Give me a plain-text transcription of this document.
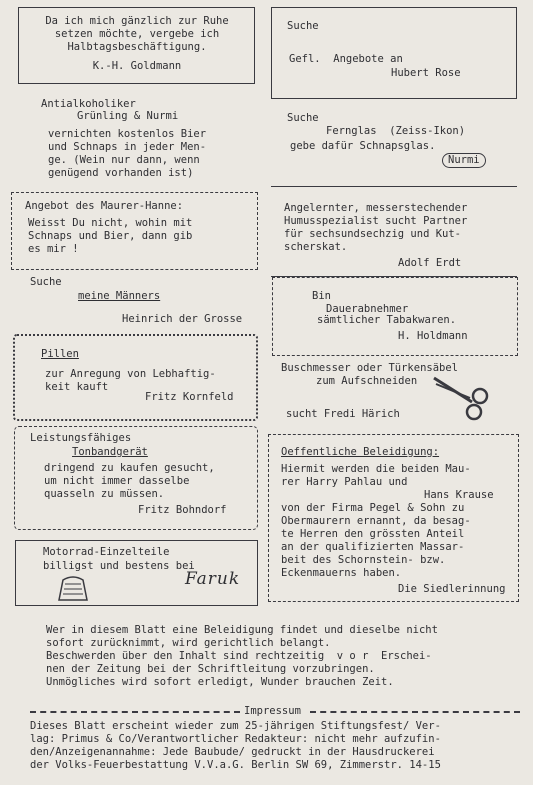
Da ich mich gänzlich zur Ruhe
setzen möchte, vergebe ich
Halbtagsbeschäftigung.
K.-H. Goldmann
Suche
Gefl.  Angebote an
Hubert Rose
Antialkoholiker
Grünling & Nurmi
vernichten kostenlos Bier
und Schnaps in jeder Men-
ge. (Wein nur dann, wenn
genügend vorhanden ist)
Suche
Fernglas  (Zeiss-Ikon)
gebe dafür Schnapsglas.
Nurmi
Angebot des Maurer-Hanne:
Weisst Du nicht, wohin mit
Schnaps und Bier, dann gib
es mir !
Angelernter, messerstechender
Humusspezialist sucht Partner
für sechsundsechzig und Kut-
scherskat.
Adolf Erdt
Suche
meine Männers
Heinrich der Grosse
Bin
Dauerabnehmer
sämtlicher Tabakwaren.
H. Holdmann
Pillen
zur Anregung von Lebhaftig-
keit kauft
Fritz Kornfeld
Buschmesser oder Türkensäbel
zum Aufschneiden
sucht Fredi Härich
Leistungsfähiges
Tonbandgerät
dringend zu kaufen gesucht,
um nicht immer dasselbe
quasseln zu müssen.
Fritz Bohndorf
Oeffentliche Beleidigung:
Hiermit werden die beiden Mau-
rer Harry Pahlau und
Hans Krause
von der Firma Pegel & Sohn zu
Obermaurern ernannt, da besag-
te Herren den grössten Anteil
an der qualifizierten Massar-
beit des Schornstein- bzw.
Eckenmauerns haben.
Die Siedlerinnung
Motorrad-Einzelteile
billigst und bestens bei
Faruk
Wer in diesem Blatt eine Beleidigung findet und dieselbe nicht
sofort zurücknimmt, wird gerichtlich belangt.
Beschwerden über den Inhalt sind rechtzeitig  v o r  Erschei-
nen der Zeitung bei der Schriftleitung vorzubringen.
Unmögliches wird sofort erledigt, Wunder brauchen Zeit.
Impressum
Dieses Blatt erscheint wieder zum 25-jährigen Stiftungsfest/ Ver-
lag: Primus & Co/Verantwortlicher Redakteur: nicht mehr aufzufin-
den/Anzeigenannahme: Jede Baubude/ gedruckt in der Hausdruckerei
der Volks-Feuerbestattung V.V.a.G. Berlin SW 69, Zimmerstr. 14-15
